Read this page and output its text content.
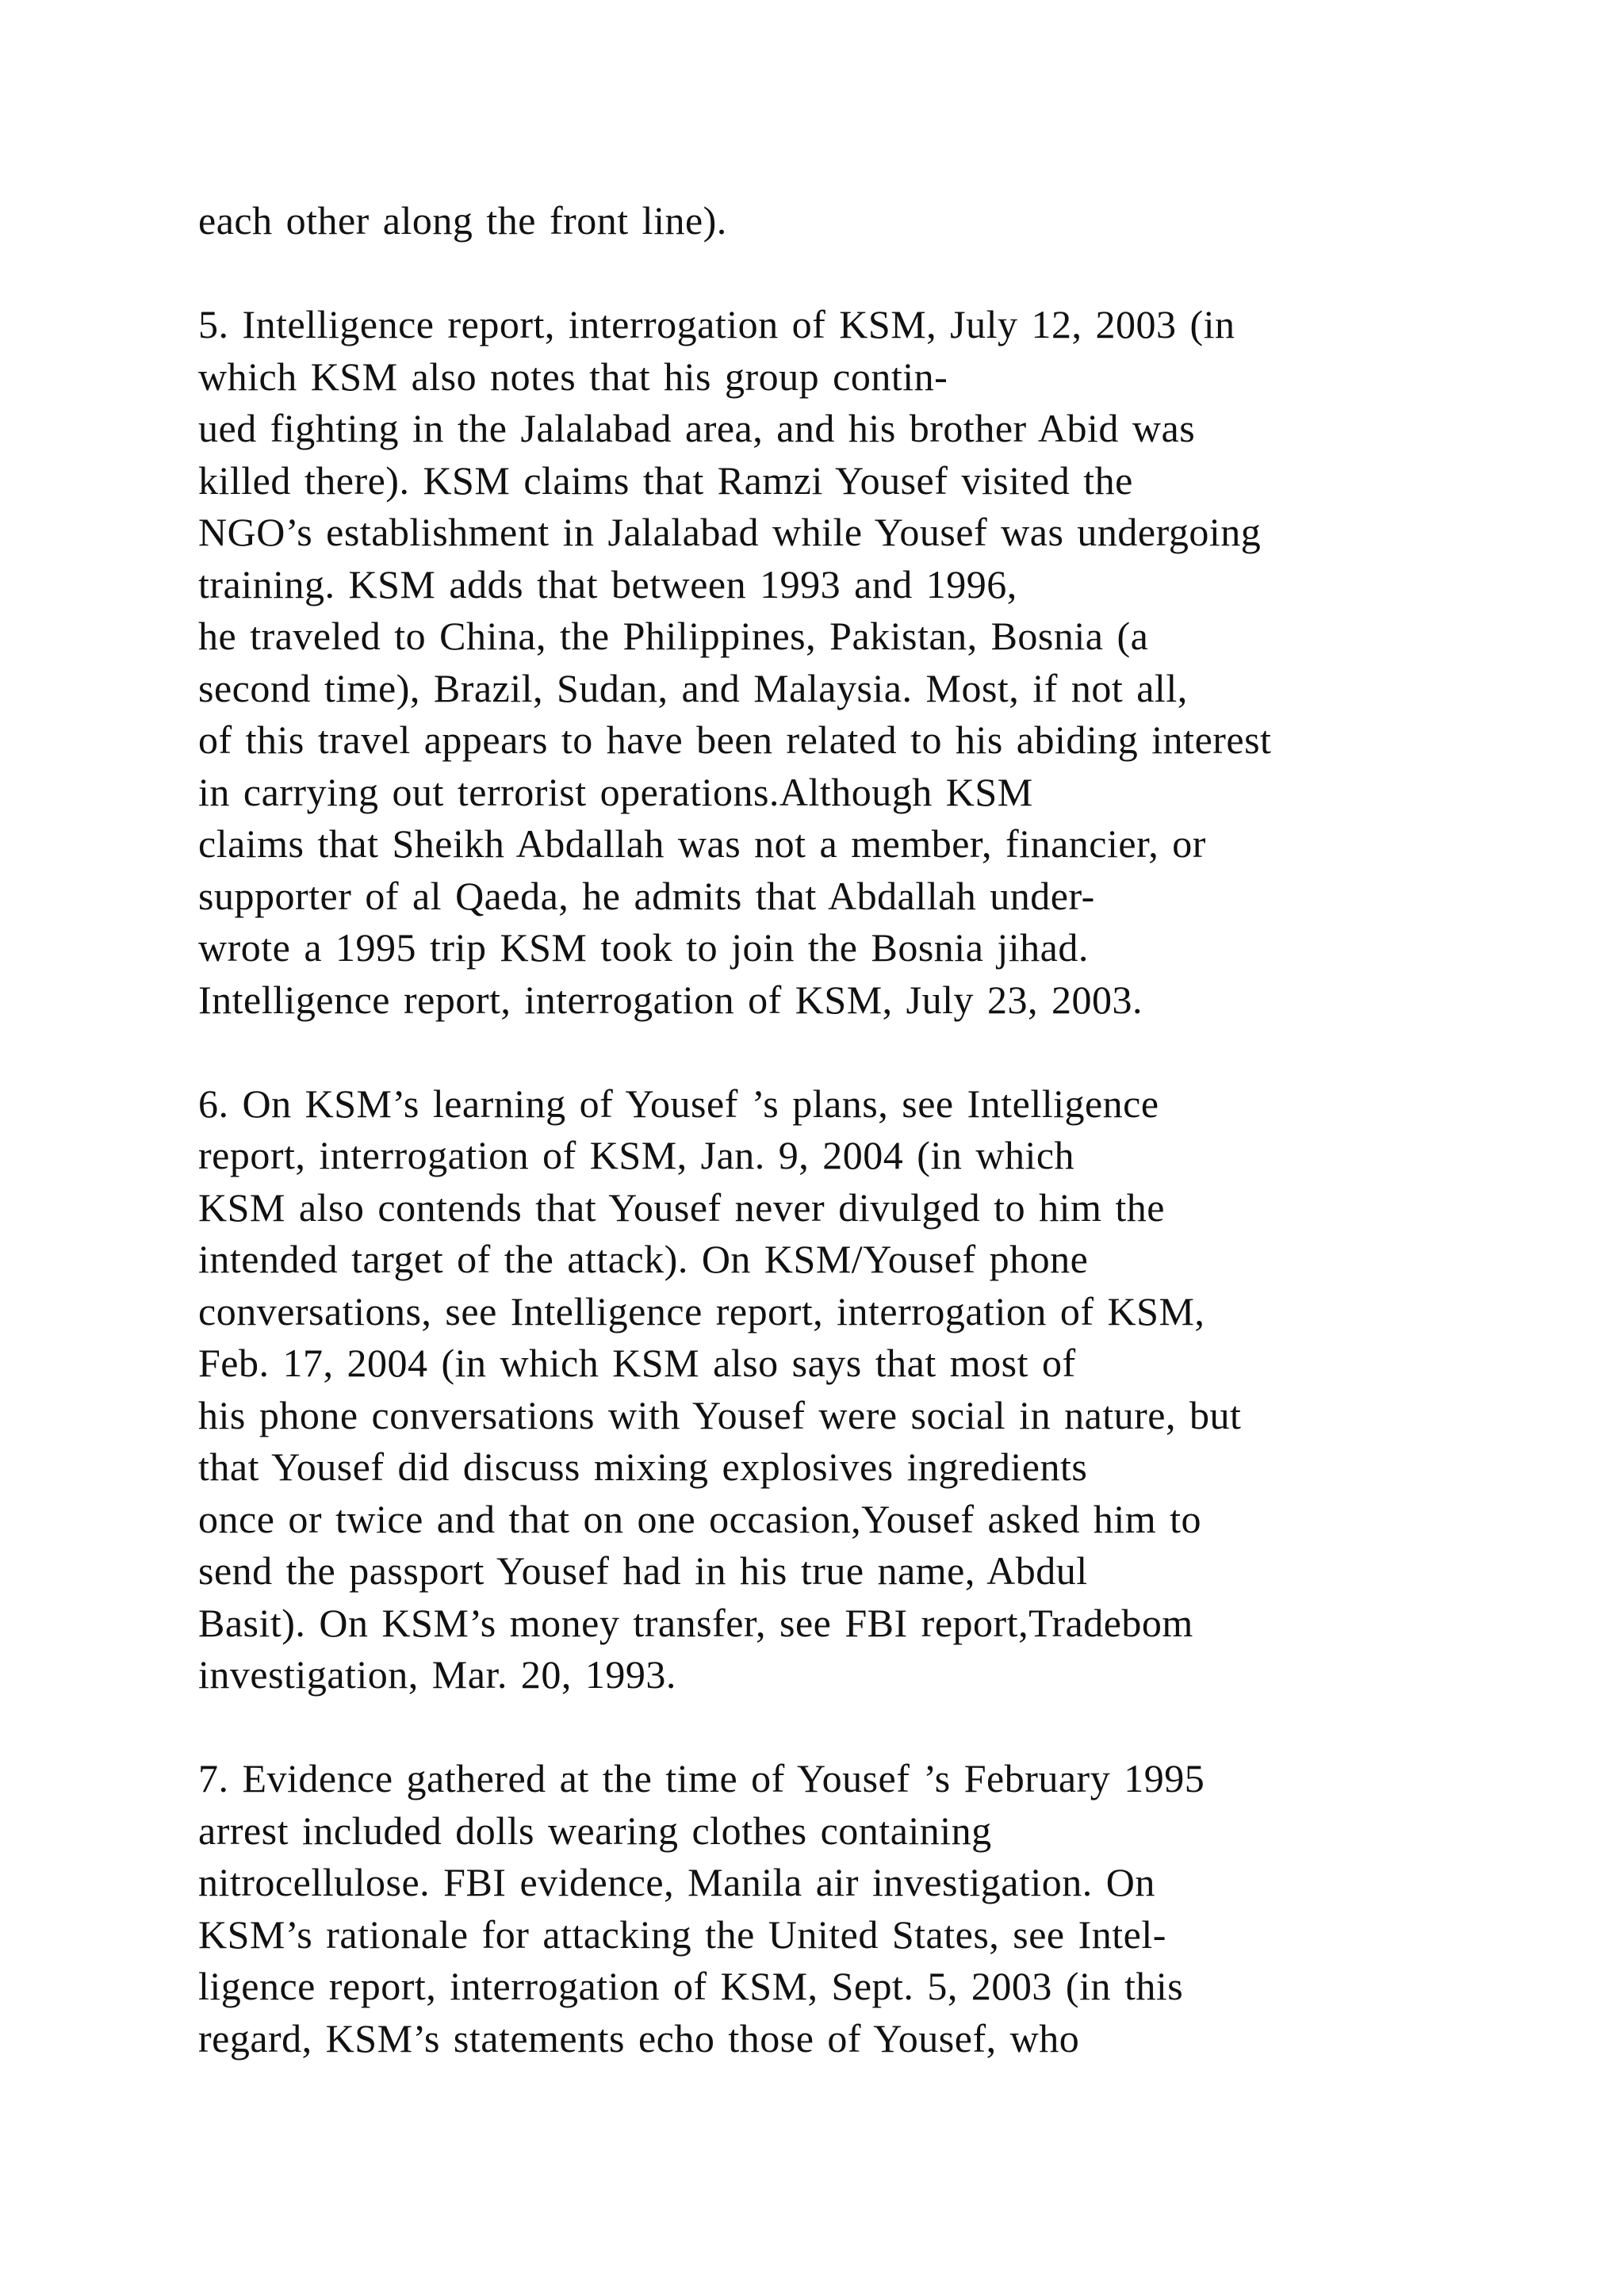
each other along the front line).
5. Intelligence report, interrogation of KSM, July 12, 2003 (in
which KSM also notes that his group contin-
ued fighting in the Jalalabad area, and his brother Abid was
killed there). KSM claims that Ramzi Yousef visited the
NGO’s establishment in Jalalabad while Yousef was undergoing
training. KSM adds that between 1993 and 1996,
he traveled to China, the Philippines, Pakistan, Bosnia (a
second time), Brazil, Sudan, and Malaysia. Most, if not all,
of this travel appears to have been related to his abiding interest
in carrying out terrorist operations.Although KSM
claims that Sheikh Abdallah was not a member, financier, or
supporter of al Qaeda, he admits that Abdallah under-
wrote a 1995 trip KSM took to join the Bosnia jihad.
Intelligence report, interrogation of KSM, July 23, 2003.
6. On KSM’s learning of Yousef ’s plans, see Intelligence
report, interrogation of KSM, Jan. 9, 2004 (in which
KSM also contends that Yousef never divulged to him the
intended target of the attack). On KSM/Yousef phone
conversations, see Intelligence report, interrogation of KSM,
Feb. 17, 2004 (in which KSM also says that most of
his phone conversations with Yousef were social in nature, but
that Yousef did discuss mixing explosives ingredients
once or twice and that on one occasion,Yousef asked him to
send the passport Yousef had in his true name, Abdul
Basit). On KSM’s money transfer, see FBI report,Tradebom
investigation, Mar. 20, 1993.
7. Evidence gathered at the time of Yousef ’s February 1995
arrest included dolls wearing clothes containing
nitrocellulose. FBI evidence, Manila air investigation. On
KSM’s rationale for attacking the United States, see Intel-
ligence report, interrogation of KSM, Sept. 5, 2003 (in this
regard, KSM’s statements echo those of Yousef, who
